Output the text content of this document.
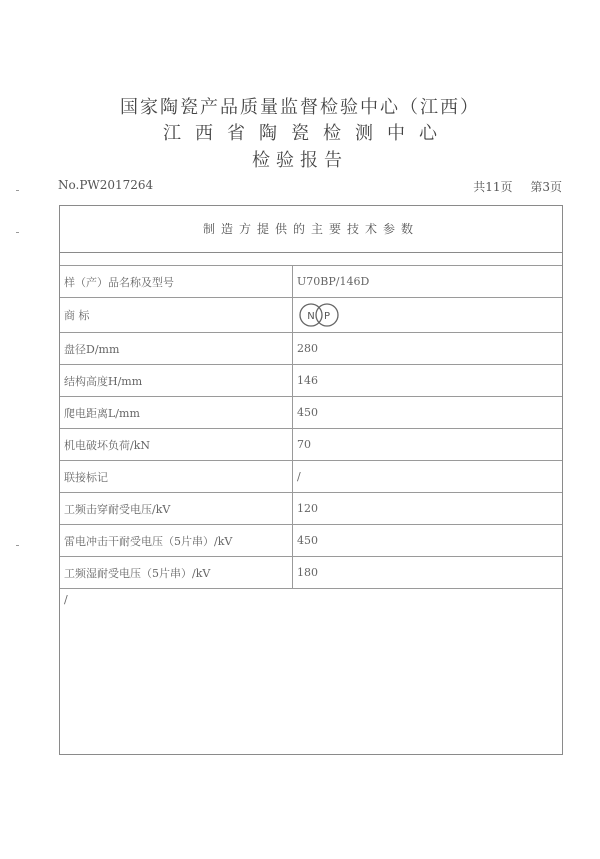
国家陶瓷产品质量监督检验中心（江西）
江西省陶瓷检测中心
检验报告
No.PW2017264	共11页 第3页
制造方提供的主要技术参数
样（产）品名称及型号	U70BP/146D
商 标	N P
盘径D/mm	280
结构高度H/mm	146
爬电距离L/mm	450
机电破坏负荷/kN	70
联接标记	/
工频击穿耐受电压/kV	120
雷电冲击干耐受电压（5片串）/kV	450
工频湿耐受电压（5片串）/kV	180
/
